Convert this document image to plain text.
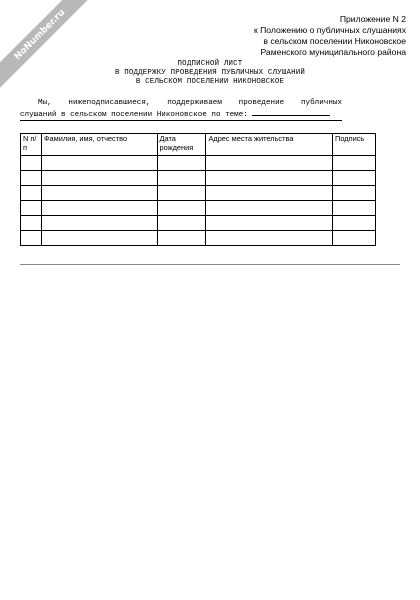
NoNumber.ru	Приложение N 2
к Положению о публичных слушаниях
в сельском поселении Никоновское
Раменского муниципального района
ПОДПИСНОЙ ЛИСТ
В ПОДДЕРЖКУ ПРОВЕДЕНИЯ ПУБЛИЧНЫХ СЛУШАНИЙ
В СЕЛЬСКОМ ПОСЕЛЕНИИ НИКОНОВСКОЕ
Мы, нижеподписавшиеся, поддерживаем проведение публичных
слушаний в сельском поселении Никоновское по теме:
N п/п	Фамилия, имя, отчество	Дата рождения	Адрес места жительства	Подпись
